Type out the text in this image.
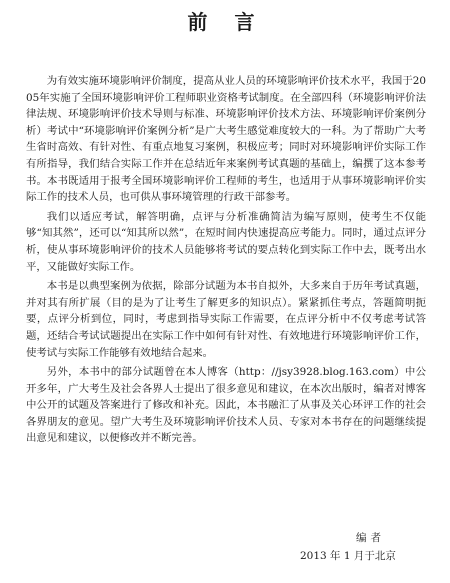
前 言

为有效实施环境影响评价制度，提高从业人员的环境影响评价技术水平，我国于2005年实施了全国环境影响评价工程师职业资格考试制度。在全部四科（环境影响评价法律法规、环境影响评价技术导则与标准、环境影响评价技术方法、环境影响评价案例分析）考试中“环境影响评价案例分析”是广大考生感觉难度较大的一科。为了帮助广大考生省时高效、有针对性、有重点地复习案例，积极应考；同时对环境影响评价实际工作有所指导，我们结合实际工作并在总结近年来案例考试真题的基础上，编撰了这本参考书。本书既适用于报考全国环境影响评价工程师的考生，也适用于从事环境影响评价实际工作的技术人员，也可供从事环境管理的行政干部参考。

我们以适应考试，解答明确，点评与分析准确简洁为编写原则，使考生不仅能够“知其然”，还可以“知其所以然”，在短时间内快速提高应考能力。同时，通过点评分析，使从事环境影响评价的技术人员能够将考试的要点转化到实际工作中去，既考出水平，又能做好实际工作。

本书是以典型案例为依据，除部分试题为本书自拟外，大多来自于历年考试真题，并对其有所扩展（目的是为了让考生了解更多的知识点）。紧紧抓住考点，答题简明扼要，点评分析到位，同时，考虑到指导实际工作需要，在点评分析中不仅考虑考试答题，还结合考试试题提出在实际工作中如何有针对性、有效地进行环境影响评价工作，使考试与实际工作能够有效地结合起来。

另外，本书中的部分试题曾在本人博客（http：//jsy3928.blog.163.com）中公开多年，广大考生及社会各界人士提出了很多意见和建议，在本次出版时，编者对博客中公开的试题及答案进行了修改和补充。因此，本书融汇了从事及关心环评工作的社会各界朋友的意见。望广大考生及环境影响评价技术人员、专家对本书存在的问题继续提出意见和建议，以便修改并不断完善。

编者
2013 年 1 月于北京
